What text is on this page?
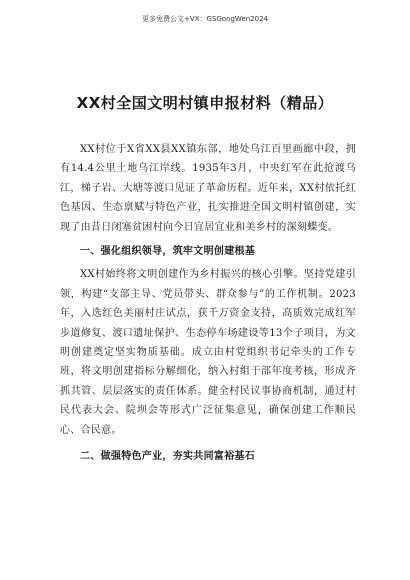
更多免费公文+VX：GSGongWen2024
XX村全国文明村镇申报材料（精品）

XX村位于X省XX县XX镇东部，地处乌江百里画廊中段，拥有14.4公里土地乌江岸线。1935年3月，中央红军在此抢渡乌江，梯子岩、大塘等渡口见证了革命历程。近年来，XX村依托红色基因、生态禀赋与特色产业，扎实推进全国文明村镇创建，实现了由昔日闭塞贫困村向今日宜居宜业和美乡村的深刻蝶变。

一、强化组织领导，筑牢文明创建根基

XX村始终将文明创建作为乡村振兴的核心引擎。坚持党建引领，构建“支部主导、党员带头、群众参与”的工作机制。2023年，入选红色美丽村庄试点，获千万资金支持，高质效完成红军步道修复、渡口遗址保护、生态停车场建设等13个子项目，为文明创建奠定坚实物质基础。成立由村党组织书记牵头的工作专班，将文明创建指标分解细化，纳入村组干部年度考核，形成齐抓共管、层层落实的责任体系。健全村民议事协商机制，通过村民代表大会、院坝会等形式广泛征集意见，确保创建工作顺民心、合民意。

二、做强特色产业，夯实共同富裕基石
